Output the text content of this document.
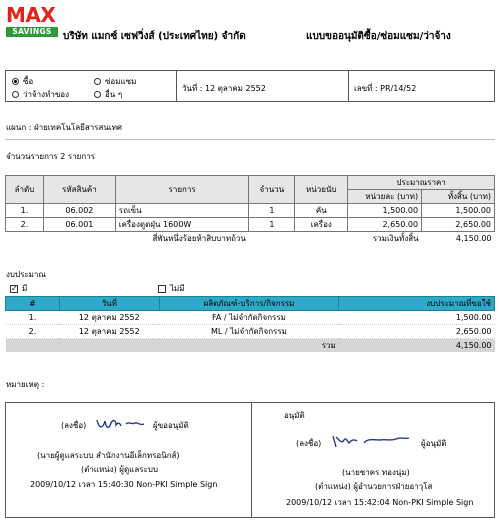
MAX
SAVINGS	บริษัท แมกซ์ เซฟวิ่งส์ (ประเทศไทย) จำกัด	แบบขออนุมัติซื้อ/ซ่อมแซม/ว่าจ้าง
ซื้อ	ซ่อมแซม
ว่าจ้างทำของ	อื่น ๆ
วันที่ : 12 ตุลาคม 2552	เลขที่ : PR/14/52
แผนก : ฝ่ายเทคโนโลยีสารสนเทศ
จำนวนรายการ 2 รายการ
ลำดับ	รหัสสินค้า	รายการ	จำนวน	หน่วยนับ	ประมาณราคา	
					หน่วยละ (บาท)	ทั้งสิ้น (บาท)
1.	06.002	รถเข็น	1	คัน	1,500.00	1,500.00
2.	06.001	เครื่องดูดฝุ่น 1600W	1	เครื่อง	2,650.00	2,650.00
สี่พันหนึ่งร้อยห้าสิบบาทถ้วน			รวมเงินทั้งสิ้น			4,150.00
งบประมาณ
✓ มี	ไม่มี
#	วันที่	ผลิตภัณฑ์-บริการ/กิจกรรม	งบประมาณที่ขอใช้
1.	12 ตุลาคม 2552	FA / ไม่จำกัดกิจกรรม	1,500.00
2.	12 ตุลาคม 2552	ML / ไม่จำกัดกิจกรรม	2,650.00
รวม			4,150.00
หมายเหตุ :
(ลงชื่อ)	ผู้ขออนุมัติ
(นายผู้ดูแลระบบ สำนักงานอีเล็กทรอนิกส์)
(ตำแหน่ง) ผู้ดูแลระบบ
2009/10/12 เวลา 15:40:30 Non-PKI Simple Sign
อนุมัติ
(ลงชื่อ)	ผู้อนุมัติ
(นายชาคร ทองนุ่ม)
(ตำแหน่ง) ผู้อำนวยการฝ่ายอาวุโส
2009/10/12 เวลา 15:42:04 Non-PKI Simple Sign
